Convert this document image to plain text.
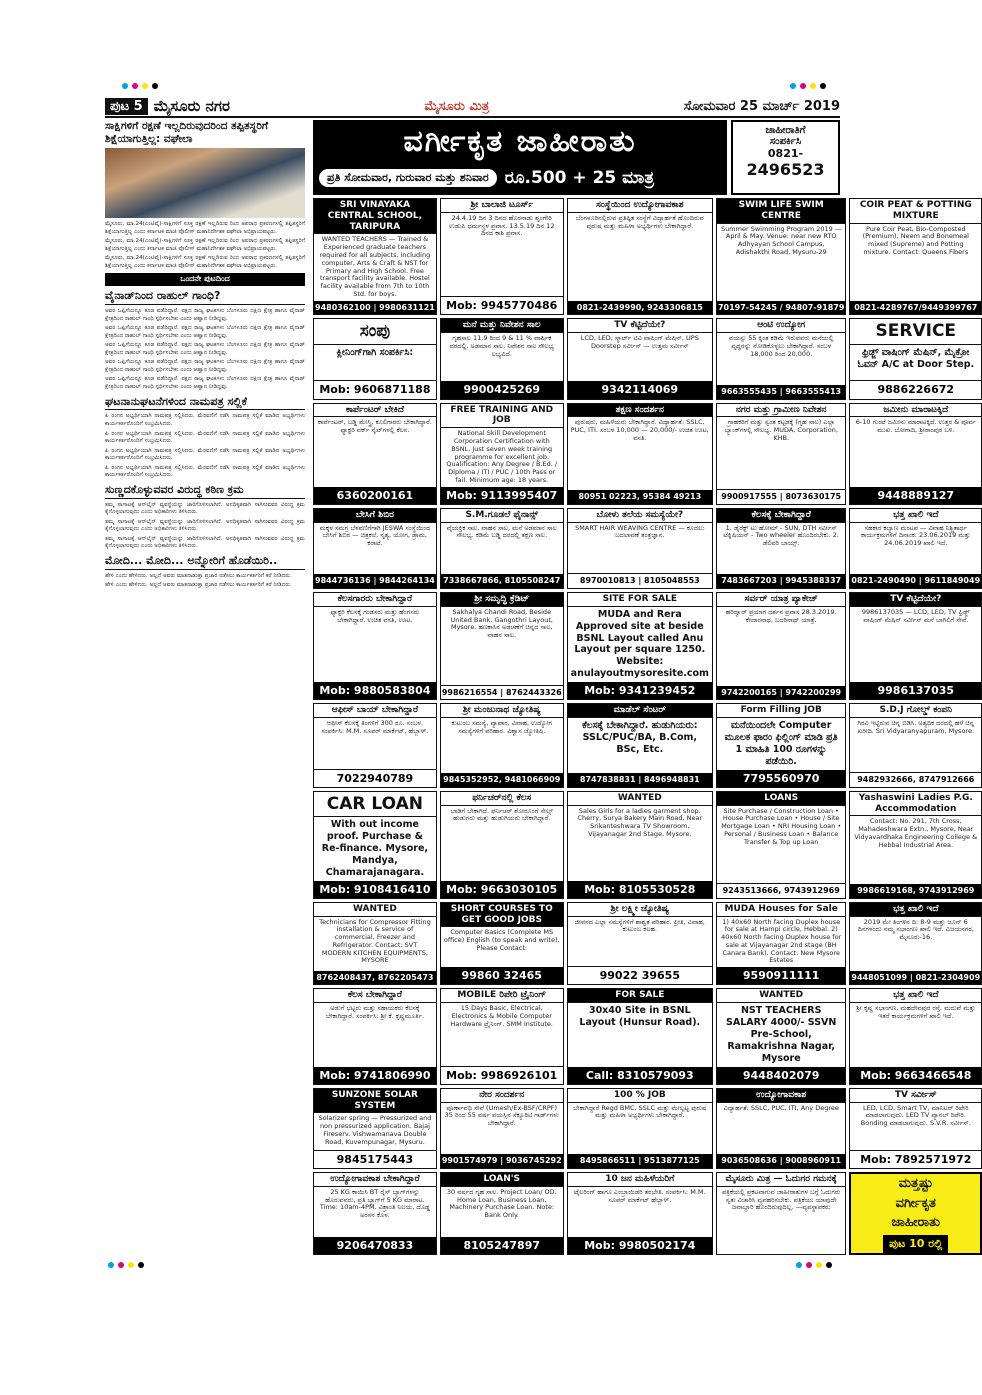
ಪುಟ 5 ಮೈಸೂರು ನಗರ	ಮೈಸೂರು ಮಿತ್ರ	ಸೋಮವಾರ 25 ಮಾರ್ಚ್ 2019
ಸಾಕ್ಷಿಗಳಿಗೆ ರಕ್ಷಣೆ ಇಲ್ಲದಿರುವುದರಿಂದ ತಪ್ಪಿತಸ್ಥರಿಗೆ ಶಿಕ್ಷೆಯಾಗುತ್ತಿಲ್ಲ: ವಘೇಲಾ

ಮೈಸೂರು, ಮಾ.24(ಎಂಟಿವೈ)-ಸಾಕ್ಷಿಗಳಿಗೆ ಸೂಕ್ತ ರಕ್ಷಣೆ ಇಲ್ಲದಿರುವ ರಿಂದ ಅಪರಾಧ ಪ್ರಕರಣಗಳಲ್ಲಿ ತಪ್ಪಿತಸ್ಥರಿಗೆ ಶಿಕ್ಷೆಯಾಗುತ್ತಿಲ್ಲ ಎಂದು ಕರ್ನಾಟಕ ಮಾಜಿ ಪೊಲೀಸ್ ಮಹಾನಿರ್ದೇಶಕ ವಘೇಲಾ ಅಭಿಪ್ರಾಯಪಟ್ಟರು.

ಮೈಸೂರು, ಮಾ.24(ಎಂಟಿವೈ)-ಸಾಕ್ಷಿಗಳಿಗೆ ಸೂಕ್ತ ರಕ್ಷಣೆ ಇಲ್ಲದಿರುವ ರಿಂದ ಅಪರಾಧ ಪ್ರಕರಣಗಳಲ್ಲಿ ತಪ್ಪಿತಸ್ಥರಿಗೆ ಶಿಕ್ಷೆಯಾಗುತ್ತಿಲ್ಲ ಎಂದು ಕರ್ನಾಟಕ ಮಾಜಿ ಪೊಲೀಸ್ ಮಹಾನಿರ್ದೇಶಕ ವಘೇಲಾ ಅಭಿಪ್ರಾಯಪಟ್ಟರು.

ಮೈಸೂರು, ಮಾ.24(ಎಂಟಿವೈ)-ಸಾಕ್ಷಿಗಳಿಗೆ ಸೂಕ್ತ ರಕ್ಷಣೆ ಇಲ್ಲದಿರುವ ರಿಂದ ಅಪರಾಧ ಪ್ರಕರಣಗಳಲ್ಲಿ ತಪ್ಪಿತಸ್ಥರಿಗೆ ಶಿಕ್ಷೆಯಾಗುತ್ತಿಲ್ಲ ಎಂದು ಕರ್ನಾಟಕ ಮಾಜಿ ಪೊಲೀಸ್ ಮಹಾನಿರ್ದೇಶಕ ವಘೇಲಾ ಅಭಿಪ್ರಾಯಪಟ್ಟರು.

ಒಂದನೇ ಪುಟದಿಂದ
ವೈನಾಡ್‌ನಿಂದ ರಾಹುಲ್ ಗಾಂಧಿ?

ಅವರ ಒಪ್ಪಿಗೆಯನ್ನೂ ಕೂಡ ಪಡೆದಿದ್ದಾರೆ. ಪಕ್ಷದ ರಾಜ್ಯ ಘಟಕಗಳು ಬೆಂಗಳೂರು ದಕ್ಷಿಣ ಕ್ಷೇತ್ರ ಹಾಗೂ ವೈನಾಡ್ ಕ್ಷೇತ್ರದಿಂದ ರಾಹುಲ್ ಗಾಂಧಿ ಸ್ಪರ್ಧಿಸಬೇಕು ಎಂದು ಆಹ್ವಾನ ನೀಡಿದ್ದವು.

ಅವರ ಒಪ್ಪಿಗೆಯನ್ನೂ ಕೂಡ ಪಡೆದಿದ್ದಾರೆ. ಪಕ್ಷದ ರಾಜ್ಯ ಘಟಕಗಳು ಬೆಂಗಳೂರು ದಕ್ಷಿಣ ಕ್ಷೇತ್ರ ಹಾಗೂ ವೈನಾಡ್ ಕ್ಷೇತ್ರದಿಂದ ರಾಹುಲ್ ಗಾಂಧಿ ಸ್ಪರ್ಧಿಸಬೇಕು ಎಂದು ಆಹ್ವಾನ ನೀಡಿದ್ದವು.

ಅವರ ಒಪ್ಪಿಗೆಯನ್ನೂ ಕೂಡ ಪಡೆದಿದ್ದಾರೆ. ಪಕ್ಷದ ರಾಜ್ಯ ಘಟಕಗಳು ಬೆಂಗಳೂರು ದಕ್ಷಿಣ ಕ್ಷೇತ್ರ ಹಾಗೂ ವೈನಾಡ್ ಕ್ಷೇತ್ರದಿಂದ ರಾಹುಲ್ ಗಾಂಧಿ ಸ್ಪರ್ಧಿಸಬೇಕು ಎಂದು ಆಹ್ವಾನ ನೀಡಿದ್ದವು.

ಅವರ ಒಪ್ಪಿಗೆಯನ್ನೂ ಕೂಡ ಪಡೆದಿದ್ದಾರೆ. ಪಕ್ಷದ ರಾಜ್ಯ ಘಟಕಗಳು ಬೆಂಗಳೂರು ದಕ್ಷಿಣ ಕ್ಷೇತ್ರ ಹಾಗೂ ವೈನಾಡ್ ಕ್ಷೇತ್ರದಿಂದ ರಾಹುಲ್ ಗಾಂಧಿ ಸ್ಪರ್ಧಿಸಬೇಕು ಎಂದು ಆಹ್ವಾನ ನೀಡಿದ್ದವು.

ಅವರ ಒಪ್ಪಿಗೆಯನ್ನೂ ಕೂಡ ಪಡೆದಿದ್ದಾರೆ. ಪಕ್ಷದ ರಾಜ್ಯ ಘಟಕಗಳು ಬೆಂಗಳೂರು ದಕ್ಷಿಣ ಕ್ಷೇತ್ರ ಹಾಗೂ ವೈನಾಡ್ ಕ್ಷೇತ್ರದಿಂದ ರಾಹುಲ್ ಗಾಂಧಿ ಸ್ಪರ್ಧಿಸಬೇಕು ಎಂದು ಆಹ್ವಾನ ನೀಡಿದ್ದವು.

ಘಟನಾನುಘಟನೆಗಳಿಂದ ನಾಮಪತ್ರ ಸಲ್ಲಿಕೆ

ಪಿ ರಂಗನ ಅಭ್ಯರ್ಥಿಯಾಗಿ ನಾಮಪತ್ರ ಸಲ್ಲಿಸಿದರು. ಮೆರವಣಿಗೆ ನಡೆಸಿ ನಾಮಪತ್ರ ಸಲ್ಲಿಕೆ ಮಾಡಿದ ಅಭ್ಯರ್ಥಿಗಳು ಕಾರ್ಯಕರ್ತರೊಂದಿಗೆ ಸಂಭ್ರಮಿಸಿದರು.

ಪಿ ರಂಗನ ಅಭ್ಯರ್ಥಿಯಾಗಿ ನಾಮಪತ್ರ ಸಲ್ಲಿಸಿದರು. ಮೆರವಣಿಗೆ ನಡೆಸಿ ನಾಮಪತ್ರ ಸಲ್ಲಿಕೆ ಮಾಡಿದ ಅಭ್ಯರ್ಥಿಗಳು ಕಾರ್ಯಕರ್ತರೊಂದಿಗೆ ಸಂಭ್ರಮಿಸಿದರು.

ಪಿ ರಂಗನ ಅಭ್ಯರ್ಥಿಯಾಗಿ ನಾಮಪತ್ರ ಸಲ್ಲಿಸಿದರು. ಮೆರವಣಿಗೆ ನಡೆಸಿ ನಾಮಪತ್ರ ಸಲ್ಲಿಕೆ ಮಾಡಿದ ಅಭ್ಯರ್ಥಿಗಳು ಕಾರ್ಯಕರ್ತರೊಂದಿಗೆ ಸಂಭ್ರಮಿಸಿದರು.

ಪಿ ರಂಗನ ಅಭ್ಯರ್ಥಿಯಾಗಿ ನಾಮಪತ್ರ ಸಲ್ಲಿಸಿದರು. ಮೆರವಣಿಗೆ ನಡೆಸಿ ನಾಮಪತ್ರ ಸಲ್ಲಿಕೆ ಮಾಡಿದ ಅಭ್ಯರ್ಥಿಗಳು ಕಾರ್ಯಕರ್ತರೊಂದಿಗೆ ಸಂಭ್ರಮಿಸಿದರು.

ಸುಣ್ಣದಕೊಳ್ಳುವವರ ವಿರುದ್ಧ ಕಠಿಣ ಕ್ರಮ

ತಮ್ಮ ಸಾಗಾಟಕ್ಕೆ ಆನ್‌ಲೈನ್ ವ್ಯವಸ್ಥೆಯನ್ನು ಜಾರಿಗೊಳಿಸಲಾಗಿದೆ. ಅನಧಿಕೃತವಾಗಿ ಸಾಗಿಸುವವರ ವಿರುದ್ಧ ಕ್ರಮ ಕೈಗೊಳ್ಳಲಾಗುವುದು ಎಂದು ಅಧಿಕಾರಿಗಳು ತಿಳಿಸಿದರು.

ತಮ್ಮ ಸಾಗಾಟಕ್ಕೆ ಆನ್‌ಲೈನ್ ವ್ಯವಸ್ಥೆಯನ್ನು ಜಾರಿಗೊಳಿಸಲಾಗಿದೆ. ಅನಧಿಕೃತವಾಗಿ ಸಾಗಿಸುವವರ ವಿರುದ್ಧ ಕ್ರಮ ಕೈಗೊಳ್ಳಲಾಗುವುದು ಎಂದು ಅಧಿಕಾರಿಗಳು ತಿಳಿಸಿದರು.

ತಮ್ಮ ಸಾಗಾಟಕ್ಕೆ ಆನ್‌ಲೈನ್ ವ್ಯವಸ್ಥೆಯನ್ನು ಜಾರಿಗೊಳಿಸಲಾಗಿದೆ. ಅನಧಿಕೃತವಾಗಿ ಸಾಗಿಸುವವರ ವಿರುದ್ಧ ಕ್ರಮ ಕೈಗೊಳ್ಳಲಾಗುವುದು ಎಂದು ಅಧಿಕಾರಿಗಳು ತಿಳಿಸಿದರು.

ಮೋದಿ... ಮೋದಿ... ಅನ್ನೋರಿಗೆ ಹೊಡೆಯಿರಿ..

ಹೇಳಿ ಎಂದು ಹೇಳಿದರು. ಅಲ್ಲದೆ ಅವರು ಮಾತನಾಡುತ್ತಾ ಪ್ರಚಾರ ನಡೆಸಲು ಕಾರ್ಯಕರ್ತರಿಗೆ ಕರೆ ನೀಡಿದರು.

ಹೇಳಿ ಎಂದು ಹೇಳಿದರು. ಅಲ್ಲದೆ ಅವರು ಮಾತನಾಡುತ್ತಾ ಪ್ರಚಾರ ನಡೆಸಲು ಕಾರ್ಯಕರ್ತರಿಗೆ ಕರೆ ನೀಡಿದರು.

ವರ್ಗೀಕೃತ ಜಾಹೀರಾತು
ಪ್ರತಿ ಸೋಮವಾರ, ಗುರುವಾರ ಮತ್ತು ಶನಿವಾರ ರೂ.500 + 25 ಮಾತ್ರ
ಜಾಹೀರಾತಿಗೆ
ಸಂಪರ್ಕಿಸಿ
0821-
2496523
SRI VINAYAKA CENTRAL SCHOOL, TARIPURA
WANTED TEACHERS — Trained & Experienced graduate teachers required for all subjects, including computer, Arts & Craft & NST for Primary and High School. Free transport facility available. Hostel facility available from 7th to 10th Std. for boys.
9480362100 | 9980631121
ಶ್ರೀ ಬಾಲಾಜಿ ಟೂರ್ಸ್
24.4.19 ದಿನ 3 ದಿನದ ಹೊರನಾಡು ಶೃಂಗೇರಿ ಉಡುಪಿ ಧರ್ಮಸ್ಥಳ ಪ್ರವಾಸ. 13.5.19 ದಿನ 12 ದಿನದ ಕಾಶಿ ಪ್ರವಾಸ.
Mob: 9945770486
ಸಂಸ್ಥೆಯಿಂದ ಉದ್ಯೋಗಾವಕಾಶ
ಬೆಂಗಳೂರಿನಲ್ಲಿರುವ ಪ್ರತಿಷ್ಠಿತ ಸಂಸ್ಥೆಗೆ ವಿದ್ಯಾರ್ಹತೆ ಹೊಂದಿರುವ ಪುರುಷ ಮತ್ತು ಮಹಿಳಾ ಅಭ್ಯರ್ಥಿಗಳು ಬೇಕಾಗಿದ್ದಾರೆ.
0821-2439990, 9243306815
SWIM LIFE SWIM CENTRE
Summer Swimming Program 2019 — April & May. Venue: near new RTO Adhyayan School Campus, Adishakthi Road, Mysuru-29
70197-54245 / 94807-91879
COIR PEAT & POTTING MIXTURE
Pure Coir Peat, Bio-Composted (Premium), Neem and Bonemeal mixed (Supreme) and Potting mixture. Contact: Queens Fibers
0821-4289767/9449399767
ಸಂಪು
ಕ್ಲೀನಿಂಗ್‌ಗಾಗಿ ಸಂಪರ್ಕಿಸಿ:
Mob: 9606871188
ಮನೆ ಮತ್ತು ನಿವೇಶನ ಸಾಲ
ಗೃಹಸಾಲ 11.9 ರಿಂದ 9 & 11 % ವಾರ್ಷಿಕ ದರದಲ್ಲಿ. ಅಡಮಾನ ಸಾಲ, ನಿವೇಶನ ಸಾಲ ಸೌಲಭ್ಯ ಲಭ್ಯವಿದೆ.
9900425269
TV ಕೆಟ್ಟಿದೆಯೇ?
LCD, LED, ಸ್ಮಾರ್ಟ್ ಟಿವಿ ವಾಷಿಂಗ್ ಮೆಷಿನ್, UPS Doorstep ಸರ್ವೀಸ್ — ಉತ್ತಮ ಸರ್ವೀಸ್
9342114069
ಆಂಟಿ ಉದ್ಯೋಗ
ವಯಸ್ಸು 55 ಕ್ಕಿಂತ ಕಡಿಮೆ ಇರುವವರು ಮನೆಯಲ್ಲಿ ವೃದ್ಧರನ್ನು ನೋಡಿಕೊಳ್ಳಲು ಬೇಕಾಗಿದ್ದಾರೆ. ಸಂಬಳ 18,000 ರಿಂದ 20,000.
9663555435 | 9663555413
SERVICE
ಫ್ರಿಡ್ಜ್ ವಾಷಿಂಗ್ ಮೆಷಿನ್, ಮೈಕ್ರೋ ಓವನ್ A/C at Door Step.
9886226672
ಕಾರ್ಪೆಂಟರ್ ಬೇಕಿದೆ
ಕಾರ್ಪೆಂಟರ್, ಬಡ್ಡಿ ಮೇಸ್ತ್ರಿ, ಕೂಲಿಗಾರರು ಬೇಕಾಗಿದ್ದಾರೆ. ಫ್ಯಾಕ್ಟರಿ ವರ್ಕ್ ಸೈಟ್‌ಗಳಲ್ಲಿ ಕೆಲಸ.
6360200161
FREE TRAINING AND JOB
National Skill Development Corporation Certification with BSNL. Just seven week training programme for excellent job. Qualification: Any Degree / B.Ed. / Diploma / ITI / PUC / 10th Pass or fail. Minimum age: 18 years.
Mob: 9113995407
ತಕ್ಷಣ ಸಂದರ್ಶನ
ಪುರುಷರು, ಮಹಿಳೆಯರು ಬೇಕಾಗಿದ್ದಾರೆ. ವಿದ್ಯಾರ್ಹತೆ: SSLC, PUC, ITI. ಸಂಬಳ 10,000 — 20,000/- ಉಚಿತ ಊಟ, ವಸತಿ.
80951 02223, 95384 49213
ನಗರ ಮತ್ತು ಗ್ರಾಮೀಣ ನಿವೇಶನ
ಗ್ರಾಹಕರಿಗೆ ಮತ್ತು ಸ್ವಂತ ಕಟ್ಟಡಕ್ಕೆ (ಗೃಹ ಸಾಲ) ಎಲ್ಲಾ ಬ್ಯಾಂಕ್‌ಗಳಲ್ಲಿ ಸೌಲಭ್ಯ. MUDA, Corporation, KHB.
9900917555 | 8073630175
ಜಮೀನು ಮಾರಾಟಕ್ಕಿದೆ
6-10 ಗುಂಟೆ ಜಮೀನು ಮಾರಾಟಕ್ಕಿದೆ. ಉತ್ತರ & ಪೂರ್ವ ಮುಖ. ಬೋಗಾದಿ, ಶ್ರೀರಾಂಪುರ ಬಳಿ.
9448889127
ಬೇಸಿಗೆ ಶಿಬಿರ
ಮಕ್ಕಳ ಸಮಗ್ರ ಬೆಳವಣಿಗೆಗಾಗಿ JESWA ಸಂಸ್ಥೆಯಿಂದ ಬೇಸಿಗೆ ಶಿಬಿರ — ಚಿತ್ರಕಲೆ, ನೃತ್ಯ, ಯೋಗ, ಡ್ರಾಮ, ಕರಾಟೆ.
9844736136 | 9844264134
S.M.ಗೂಡಲೆ ಫೈನಾನ್ಸ್
ವೈಯಕ್ತಿಕ ಸಾಲ, ವಾಹನ ಸಾಲ, ಮನೆ ಅಡಮಾನ ಸಾಲ ಸೌಲಭ್ಯ. ಕಡಿಮೆ ಬಡ್ಡಿ ದರದಲ್ಲಿ ತಕ್ಷಣ ಸಾಲ.
7338667866, 8105508247
ಬೋಳು ತಲೆಯ ಸಮಸ್ಯೆಯೇ?
SMART HAIR WEAVING CENTRE — ಕೂದಲು ಬದಲಾವಣೆ ತಂತ್ರಜ್ಞಾನ.
8970010813 | 8105048553
ಕೆಲಸಕ್ಕೆ ಬೇಕಾಗಿದ್ದಾರೆ
1. ಡೈರೆಕ್ಟ್ ಟು ಹೋಮ್ - SUN, DTH ಸರ್ವೀಸ್ ಟೆಕ್ನಿಷಿಯನ್ - Two wheeler ಹೊಂದಿರಬೇಕು. 2. ಡೆಲಿವರಿ ಬಾಯ್ಸ್.
7483667203 | 9945388337
ಭತ್ತ ಖಾಲಿ ಇದೆ
ಸಹಕಾರ ಕಲ್ಯಾಣ ಮಂಟಪ — ವಿವಾಹ ನಿಶ್ಚಿತಾರ್ಥ ಕಾರ್ಯಕ್ರಮಗಳಿಗೆ ದಿನಾಂಕ: 23.06.2019 ಮತ್ತು 24.06.2019 ಖಾಲಿ ಇದೆ.
0821-2490490 | 9611849049
ಕೆಲಸಗಾರರು ಬೇಕಾಗಿದ್ದಾರೆ
ಫ್ಯಾಕ್ಟರಿ ಕೆಲಸಕ್ಕೆ ಗಂಡಸರು ಮತ್ತು ಹೆಂಗಸರು ಬೇಕಾಗಿದ್ದಾರೆ. ಉಚಿತ ವಸತಿ, ಊಟ.
Mob: 9880583804
ಶ್ರೀ ಸಮೃದ್ಧಿ ಕ್ರೆಡಿಟ್
Sakhalya Chandi Road, Beside United Bank, Gangothri Layout, Mysore. ಹಣಕಾಸಿನ ಅಡಚಣೆಗೆ ಚಿನ್ನದ ಸಾಲ, ವಾಹನ ಸಾಲ.
9986216554 | 8762443326
SITE FOR SALE
MUDA and Rera Approved site at beside BSNL Layout called Anu Layout per square 1250. Website: anulayoutmysoresite.com
Mob: 9341239452
ಸರ್ವರ್ ಯಾತ್ರ ಪ್ಯಾಕೇಜ್
ಹರಿದ್ವಾರ್ ಪ್ರಯಾಗ ದರ್ಶನ ಪ್ರವಾಸ 28.3.2019. ಕೇದಾರನಾಥ, ಬದರಿನಾಥ್ ಯಾತ್ರೆ.
9742200165 | 9742200299
TV ಕೆಟ್ಟಿದೆಯೇ?
9986137035 — LCD, LED, TV ಫ್ರಿಡ್ಜ್ ವಾಷಿಂಗ್ ಮೆಷಿನ್ ಸರ್ವೀಸ್ ಮನೆ ಬಾಗಿಲಿಗೆ ಸೇವೆ.
9986137035
ಆಫೀಸ್ ಬಾಯ್ ಬೇಕಾಗಿದ್ದಾರೆ
ಆಫೀಸ್ ಕೆಲಸಕ್ಕೆ ತಿಂಗಳಿಗೆ 300 ರೂ. ಸಂಬಳ. ಸಂಪರ್ಕಿಸಿ: M.M. ಸೂಪರ್ ಮಾರ್ಕೆಟ್, ಹೆಬ್ಬಾಳ್.
7022940789
ಶ್ರೀ ಮಂಜುನಾಥ ಜ್ಯೋತಿಷ್ಯ
ಕುಟುಂಬ ಸಮಸ್ಯೆ, ವ್ಯಾಪಾರ, ವಿವಾಹ, ಉದ್ಯೋಗ ಸಮಸ್ಯೆಗಳಿಗೆ ಪರಿಹಾರ. ವಿಶ್ವಾಸ ಜ್ಯೋತಿಷಿ.
9845352952, 9481066909
ಮಾಡೆಲ್ ಸೆಂಟರ್
ಕೆಲಸಕ್ಕೆ ಬೇಕಾಗಿದ್ದಾರೆ. ಹುಡುಗಿಯರು: SSLC/PUC/BA, B.Com, BSc, Etc.
8747838831 | 8496948831
Form Filling JOB
ಮನೆಯಿಂದಲೇ Computer ಮೂಲಕ ಫಾರಂ ಫಿಲ್ಲಿಂಗ್ ಮಾಡಿ ಪ್ರತಿ 1 ಮಾಹಿತಿ 100 ರೂಗಳನ್ನು ಪಡೆಯಿರಿ.
7795560970
S.D.J ಗೋಲ್ಡ್ ಕಂಪನಿ
ಗಿರವಿ ಇಟ್ಟಿರುವ ಚಿನ್ನ ಬಿಡಿಸಿ. ಅತ್ಯಧಿಕ ದರದಲ್ಲಿ ಹಳೆ ಚಿನ್ನ ಖರೀದಿ. Sri Vidyaranyapuram, Mysore.
9482932666, 8747912666
CAR LOAN
With out income proof. Purchase & Re-finance. Mysore, Mandya, Chamarajanagara.
Mob: 9108416410
ಫರ್ನಿಚರ್‌ನಲ್ಲಿ ಕೆಲಸ
ಬಾಡಿಗೆ ಬೇಕಾಗಿದೆ. ಫರ್ನಿಚರ್ ಶೋರೂಂಗೆ ಸೇಲ್ಸ್ ಹುಡುಗರು ಮತ್ತು ಹುಡುಗಿಯರು ಬೇಕಾಗಿದ್ದಾರೆ.
Mob: 9663030105
WANTED
Sales Girls for a ladies garment shop. Cherry, Surya Bakery Main Road, Near Srikanteshwara TV Showroom, Vijayanagar 2nd Stage, Mysore.
Mob: 8105530528
LOANS
Site Purchase / Construction Loan • House Purchase Loan • House / Site Mortgage Loan • NRI Housing Loan • Personal / Business Loan • Balance Transfer & Top up Loan
9243513666, 9743912969
Yashaswini Ladies P.G. Accommodation
Contact: No. 291, 7th Cross, Mahadeshwara Extn., Mysore, Near Vidyavardhaka Engineering College & Hebbal Industrial Area.
9986619168, 9743912969
WANTED
Technicians for Compressor Fitting installation & service of commercial, Freezer and Refrigerator. Contact: SVT MODERN KITCHEN EQUIPMENTS, MYSORE
8762408437, 8762205473
SHORT COURSES TO GET GOOD JOBS
Computer Basics (Complete MS office) English (to speak and write). Please Contact:
99860 32465
ಶ್ರೀ ಲಕ್ಷ್ಮೀ ಜ್ಯೋತಿಷ್ಯ
ಜೀವನದ ಎಲ್ಲಾ ಸಮಸ್ಯೆಗಳಿಗೆ ಶಾಶ್ವತ ಪರಿಹಾರ. ಪ್ರೀತಿ, ವಿವಾಹ, ಕುಟುಂಬ ಕಲಹ.
99022 39655
MUDA Houses for Sale
1) 40x60 North facing Duplex house for sale at Hampi circle, Hebbal. 2) 40x60 North facing Duplex house for sale at Vijayanagar 2nd stage (BH Canara Bank). Contact: New Mysore Estates
9590911111
ಭತ್ತ ಖಾಲಿ ಇದೆ
2019 ಮೇ ತಿಂಗಳಿನ ದಿ: 8-9 ಮತ್ತು ಜೂನ್ 6 ದಿನಗಳಂದು ನಮ್ಮ ಸಭಾಂಗಣ ಖಾಲಿ ಇದೆ. ವಿಜಯನಗರ, ಮೈಸೂರು-16.
9448051099 | 0821-2304909
ಕೆಲಸ ಬೇಕಾಗಿದ್ದಾರೆ
ಅಡುಗೆ ಭಟ್ಟರು ಮತ್ತು ಸಹಾಯಕರು ಕೆಲಸಕ್ಕೆ ಬೇಕಾಗಿದ್ದಾರೆ. ಸಂಪರ್ಕಿಸಿ: ಶ್ರೀ ಕೆ. ಕೃಷ್ಣಮೂರ್ತಿ.
Mob: 9741806990
MOBILE ರಿಪೇರಿ ಟ್ರೈನಿಂಗ್
15 Days Basic, Electrical, Electronics & Mobile Computer Hardware ಟ್ರೈನಿಂಗ್. SMM Institute.
Mob: 9986926101
FOR SALE
30x40 Site in BSNL Layout (Hunsur Road).
Call: 8310579093
WANTED
NST TEACHERS SALARY 4000/- SSVN Pre-School, Ramakrishna Nagar, Mysore
9448402079
ಭತ್ತ ಖಾಲಿ ಇದೆ
ಶ್ರೀ ಕೃಷ್ಣ ಸಭಾಂಗಣ, ಮಹದೇವಪುರ ರಸ್ತೆ. ಮದುವೆ ಮತ್ತು ಇತರೆ ಕಾರ್ಯಕ್ರಮಗಳಿಗೆ ಖಾಲಿ ಇದೆ.
Mob: 9663466548
SUNZONE SOLAR SYSTEM
Solarizer spring — Pressurized and non pressurized application. Bajaj Fireserv. Vishwamanava Double Road, Kuvempunagar, Mysuru.
9845175443
ನೇರ ಸಂದರ್ಶನ
ಪೂರ್ಣಾವಧಿ ಸೇವೆ (Umesh/Ex-BSF/CRPF) 35 ರಿಂದ 55 ವರ್ಷ ವಯಸ್ಸಿನ ಸೆಕ್ಯೂರಿಟಿ ಗಾರ್ಡ್‌ಗಳು ಬೇಕಾಗಿದ್ದಾರೆ.
9901574979 | 9036745292
100 % JOB
ಬೇಕಾಗಿದ್ದಾರೆ Regd BMC. SSLC ಮತ್ತು ಮೇಲ್ಪಟ್ಟ ಪುರುಷ ಮತ್ತು ಮಹಿಳಾ ಅಭ್ಯರ್ಥಿಗಳು ಬೇಕಾಗಿದ್ದಾರೆ.
8495866511 | 9513877125
ಉದ್ಯೋಗಾವಕಾಶ
ವಿದ್ಯಾರ್ಹತೆ: SSLC, PUC, ITI, Any Degree
9036508636 | 9008960911
TV ಸರ್ವೀಸ್
LED, LCD, Smart TV, ಮಾನಿಟರ್ ರಿಪೇರಿ ಮಾಡಲಾಗುವುದು. LED TV ಪ್ಯಾನಲ್ ರಿಪೇರಿ. Bonding ಮಾಡಲಾಗುವುದು. S.V.R. ಸರ್ವೀಸ್.
Mob: 7892571972
ಉದ್ಯೋಗಾವಕಾಶ ಬೇಕಾಗಿದ್ದಾರೆ
25 KG ಕಾಯಿಸಿ BT ರೈಸ್ ಬ್ಯಾಗ್‌ಗಳನ್ನು ಹೊರುವವರು, ಪ್ರತಿ ಬ್ಯಾಗ್‌ಗೆ 5 KG ಮಾರಾಟ. Time: 10am-4PM. ವಿಶ್ರಾಂತಿ ನಿಲಯ, ದೊಡ್ಡ ಅರಸನ ಕೊಳ.
9206470833
LOAN'S
30 ವರ್ಷದ ಗೃಹ ಸಾಲ. Project Loan/ OD. Home Loan, Business Loan, Machinery Purchase Loan. Note: Bank Only.
8105247897
10 ಜನ ಮಹಿಳೆಯರಿಗೆ
ಟೈಲರಿಂಗ್ ಹಾಗೂ ಎಂಬ್ರಾಯಿಡರಿ ತರಬೇತಿ. ಸಂಪರ್ಕಿಸಿ: M.M. ಸೂಪರ್ ಮಾರ್ಕೆಟ್ ಹೆಬ್ಬಾಳ್.
Mob: 9980502174
ಮೈಸೂರು ಮಿತ್ರ — ಓದುಗರ ಗಮನಕ್ಕೆ
ಪತ್ರಿಕೆಯಲ್ಲಿ ಪ್ರಕಟವಾಗುವ ಜಾಹೀರಾತುಗಳ ಬಗ್ಗೆ ಓದುಗರು ಸ್ವತಃ ವಿಚಾರಿಸಿ ವ್ಯವಹರಿಸಬೇಕು. ಪತ್ರಿಕೆಯು ಯಾವುದೇ ಜವಾಬ್ದಾರಿ ಹೊಂದಿರುವುದಿಲ್ಲ. —ವ್ಯವಸ್ಥಾಪಕರು
ಮತ್ತಷ್ಟು
ವರ್ಗೀಕೃತ
ಜಾಹೀರಾತು
ಪುಟ 10 ರಲ್ಲಿ
